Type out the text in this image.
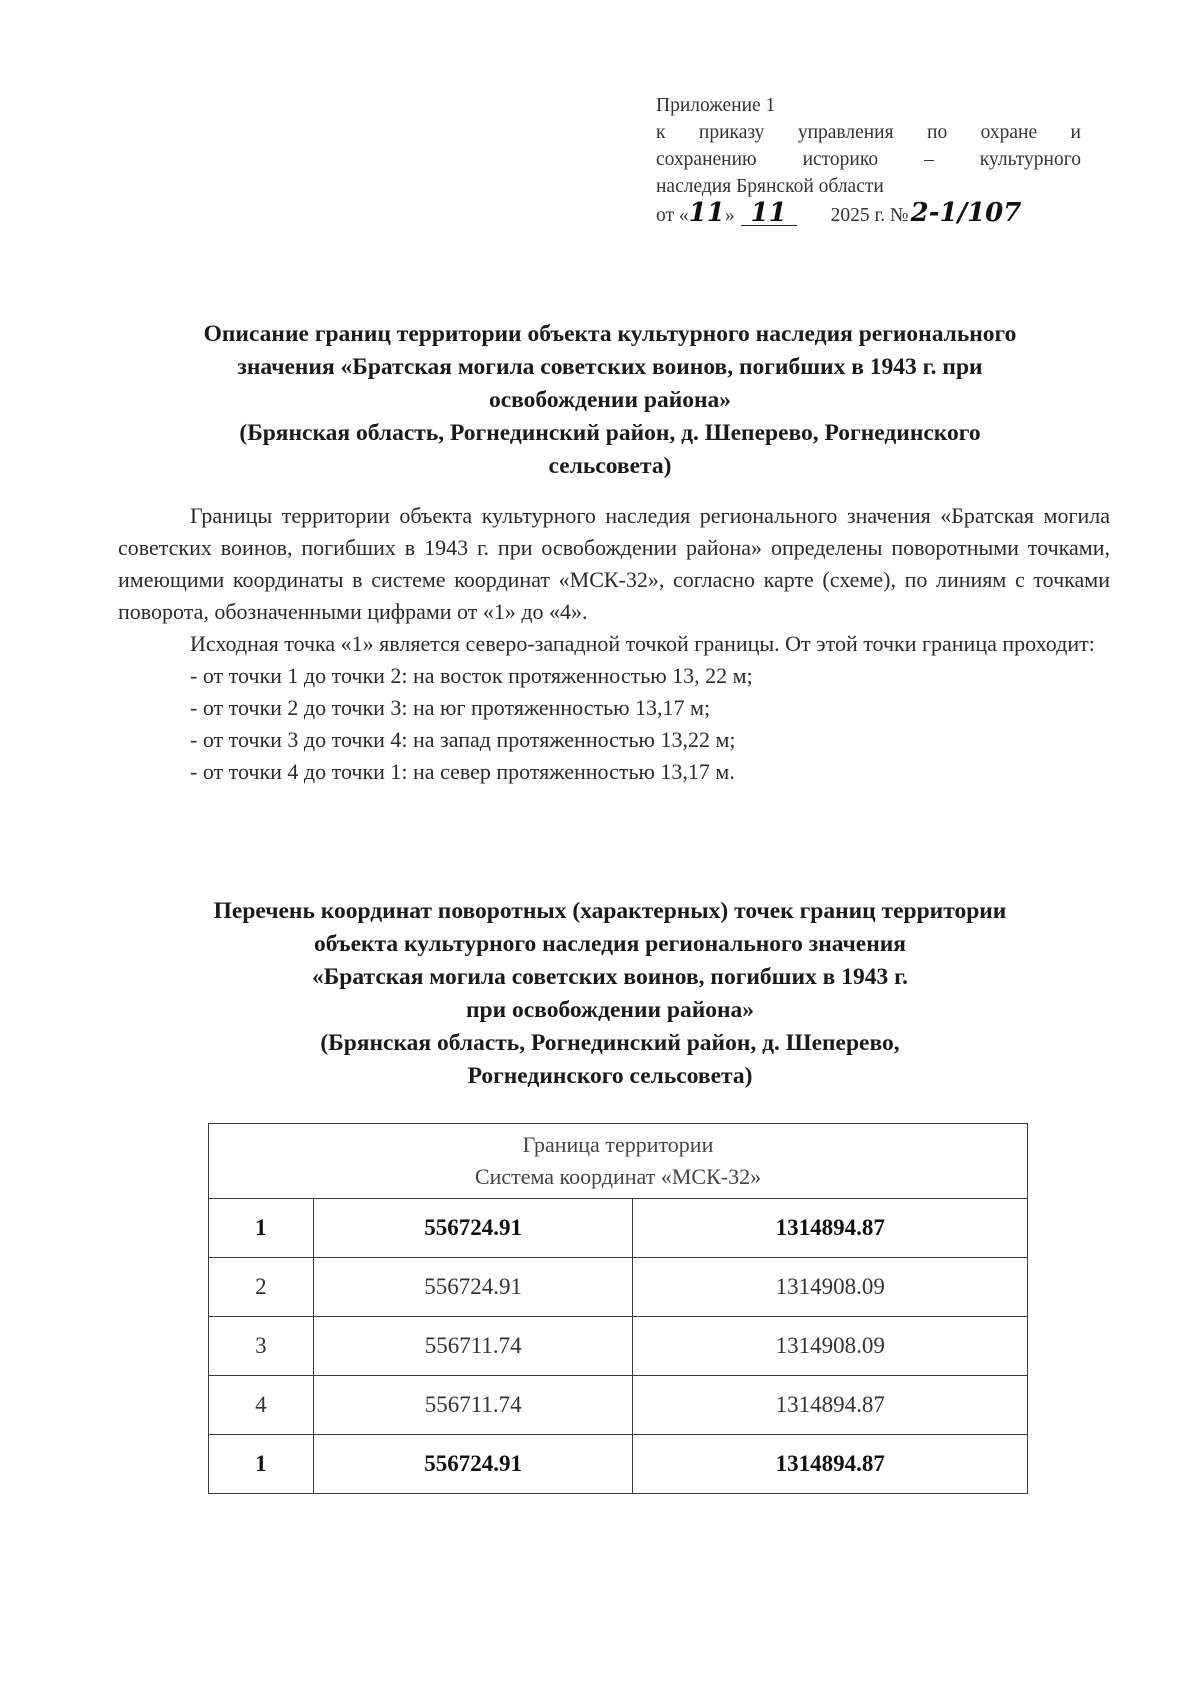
Приложение 1
к приказу управления по охране и
сохранению историко – культурного
наследия Брянской области
от « 11 » 11	2025 г. № 2-1/107
Описание границ территории объекта культурного наследия регионального
значения «Братская могила советских воинов, погибших в 1943 г. при
освобождении района»
(Брянская область, Рогнединский район, д. Шеперево, Рогнединского
сельсовета)

Границы территории объекта культурного наследия регионального значения «Братская могила советских воинов, погибших в 1943 г. при освобождении района» определены поворотными точками, имеющими координаты в системе координат «МСК-32», согласно карте (схеме), по линиям с точками поворота, обозначенными цифрами от «1» до «4».

Исходная точка «1» является северо-западной точкой границы. От этой точки граница проходит:

- от точки 1 до точки 2: на восток протяженностью 13, 22 м;
- от точки 2 до точки 3: на юг протяженностью 13,17 м;
- от точки 3 до точки 4: на запад протяженностью 13,22 м;
- от точки 4 до точки 1: на север протяженностью 13,17 м.
Перечень координат поворотных (характерных) точек границ территории
объекта культурного наследия регионального значения
«Братская могила советских воинов, погибших в 1943 г.
при освобождении района»
(Брянская область, Рогнединский район, д. Шеперево,
Рогнединского сельсовета)
Граница территории
Система координат «МСК-32»		

1	556724.91	1314894.87
2	556724.91	1314908.09
3	556711.74	1314908.09
4	556711.74	1314894.87
1	556724.91	1314894.87
